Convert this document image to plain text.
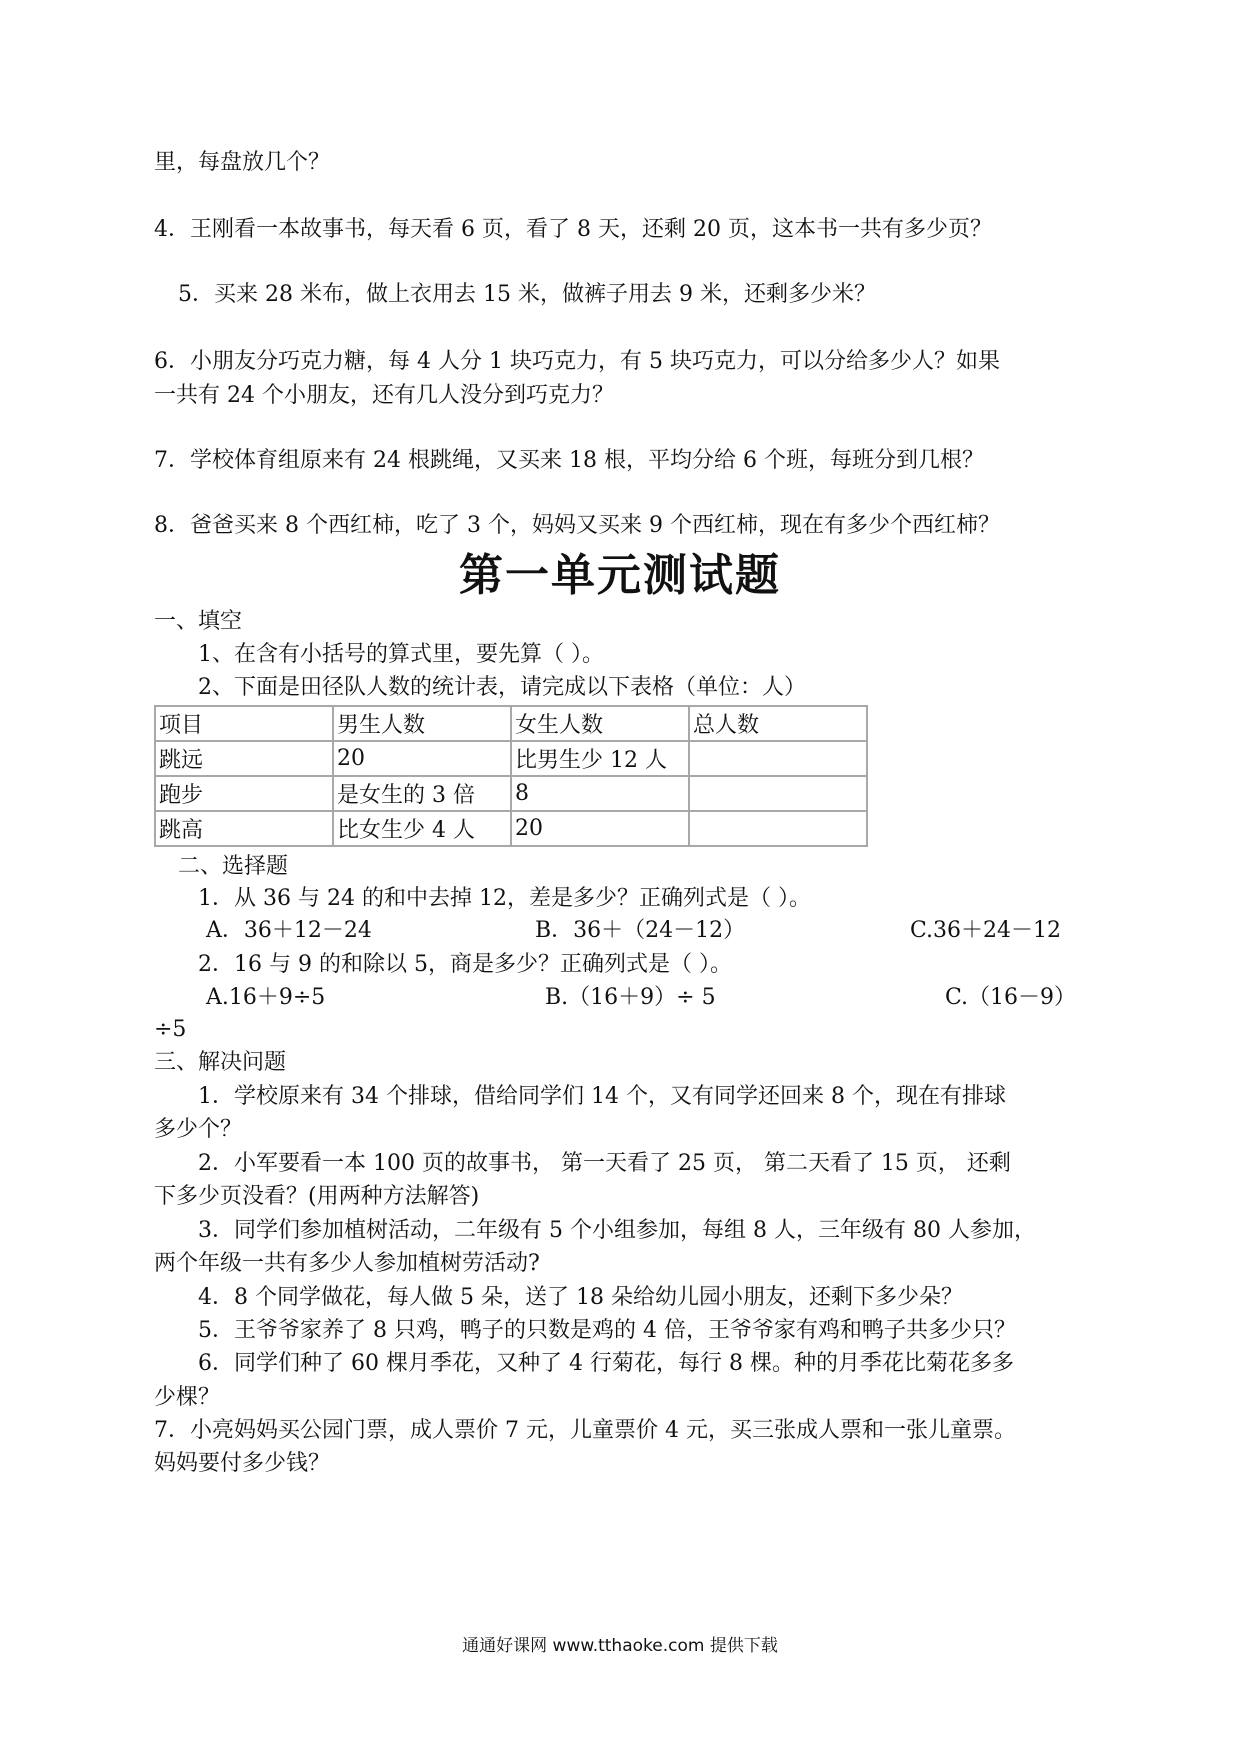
里，每盘放几个？
4．王刚看一本故事书，每天看 6 页，看了 8 天，还剩 20 页，这本书一共有多少页？
5．买来 28 米布，做上衣用去 15 米，做裤子用去 9 米，还剩多少米？
6．小朋友分巧克力糖，每 4 人分 1 块巧克力，有 5 块巧克力，可以分给多少人？如果
一共有 24 个小朋友，还有几人没分到巧克力？
7．学校体育组原来有 24 根跳绳，又买来 18 根，平均分给 6 个班，每班分到几根？
8．爸爸买来 8 个西红柿，吃了 3 个，妈妈又买来 9 个西红柿，现在有多少个西红柿？
第一单元测试题
一、填空
1、在含有小括号的算式里，要先算（ ）。
2、下面是田径队人数的统计表，请完成以下表格（单位：人）
项目	男生人数	女生人数	总人数
跳远	20	比男生少 12 人	
跑步	是女生的 3 倍	8	
跳高	比女生少 4 人	20	
二、选择题
1．从 36 与 24 的和中去掉 12，差是多少？正确列式是（ ）。
A．36＋12－24	B．36＋（24－12）	C.36＋24－12
2．16 与 9 的和除以 5，商是多少？正确列式是（ ）。
A.16＋9÷5	B.（16＋9）÷ 5	C.（16－9）
÷5
三、解决问题
1．学校原来有 34 个排球，借给同学们 14 个，又有同学还回来 8 个，现在有排球
多少个？
2．小军要看一本 100 页的故事书， 第一天看了 25 页， 第二天看了 15 页， 还剩
下多少页没看？(用两种方法解答)
3．同学们参加植树活动，二年级有 5 个小组参加，每组 8 人，三年级有 80 人参加，
两个年级一共有多少人参加植树劳活动?
4．8 个同学做花，每人做 5 朵，送了 18 朵给幼儿园小朋友，还剩下多少朵？
5．王爷爷家养了 8 只鸡，鸭子的只数是鸡的 4 倍，王爷爷家有鸡和鸭子共多少只？
6．同学们种了 60 棵月季花，又种了 4 行菊花，每行 8 棵。种的月季花比菊花多多
少棵？
7．小亮妈妈买公园门票，成人票价 7 元，儿童票价 4 元，买三张成人票和一张儿童票。
妈妈要付多少钱？
通通好课网 www.tthaoke.com 提供下载
